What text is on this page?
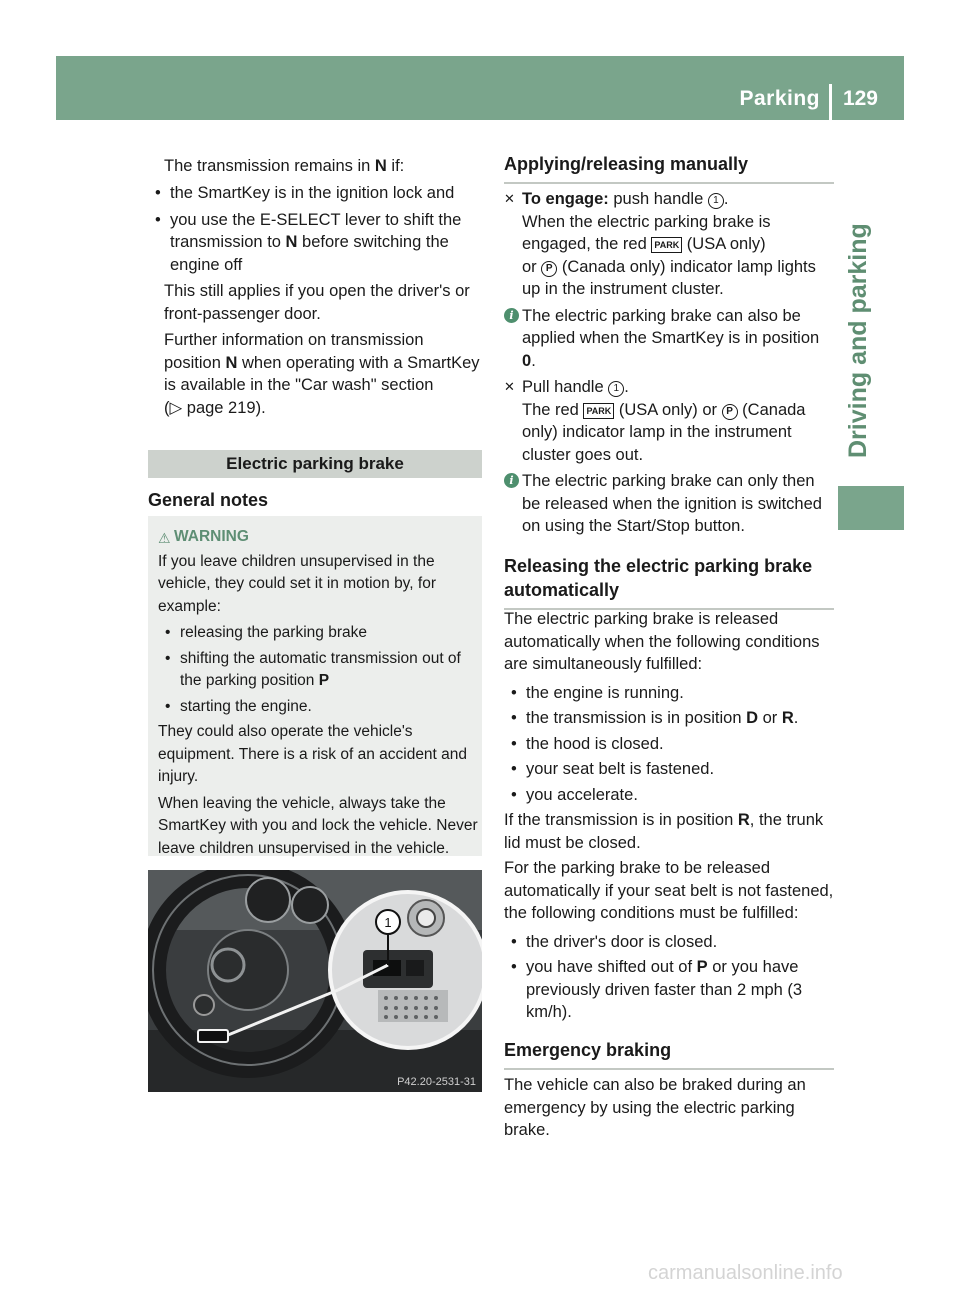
Parking 129
Driving and parking

The transmission remains in N if:

• the SmartKey is in the ignition lock and

• you use the E-SELECT lever to shift the transmission to N before switching the engine off

This still applies if you open the driver's or front-passenger door.

Further information on transmission position N when operating with a SmartKey is available in the "Car wash" section

(▷ page 219).

Electric parking brake
General notes

⚠ WARNING

If you leave children unsupervised in the vehicle, they could set it in motion by, for example:

• releasing the parking brake

• shifting the automatic transmission out of the parking position P

• starting the engine.

They could also operate the vehicle's equipment. There is a risk of an accident and injury.

When leaving the vehicle, always take the SmartKey with you and lock the vehicle. Never leave children unsupervised in the vehicle.

1
P42.20-2531-31
Applying/releasing manually

✕ To engage: push handle 1 .

When the electric parking brake is engaged, the red PARK (USA only)

or P (Canada only) indicator lamp lights up in the instrument cluster.

i The electric parking brake can also be applied when the SmartKey is in position 0.

✕ Pull handle 1 .

The red PARK (USA only) or P (Canada only) indicator lamp in the instrument cluster goes out.

i The electric parking brake can only then be released when the ignition is switched on using the Start/Stop button.

Releasing the electric parking brake automatically

The electric parking brake is released automatically when the following conditions are simultaneously fulfilled:

• the engine is running.

• the transmission is in position D or R.

• the hood is closed.

• your seat belt is fastened.

• you accelerate.

If the transmission is in position R, the trunk lid must be closed.

For the parking brake to be released automatically if your seat belt is not fastened, the following conditions must be fulfilled:

• the driver's door is closed.

• you have shifted out of P or you have previously driven faster than 2 mph (3 km/h).

Emergency braking
The vehicle can also be braked during an emergency by using the electric parking brake.
carmanualsonline.info
